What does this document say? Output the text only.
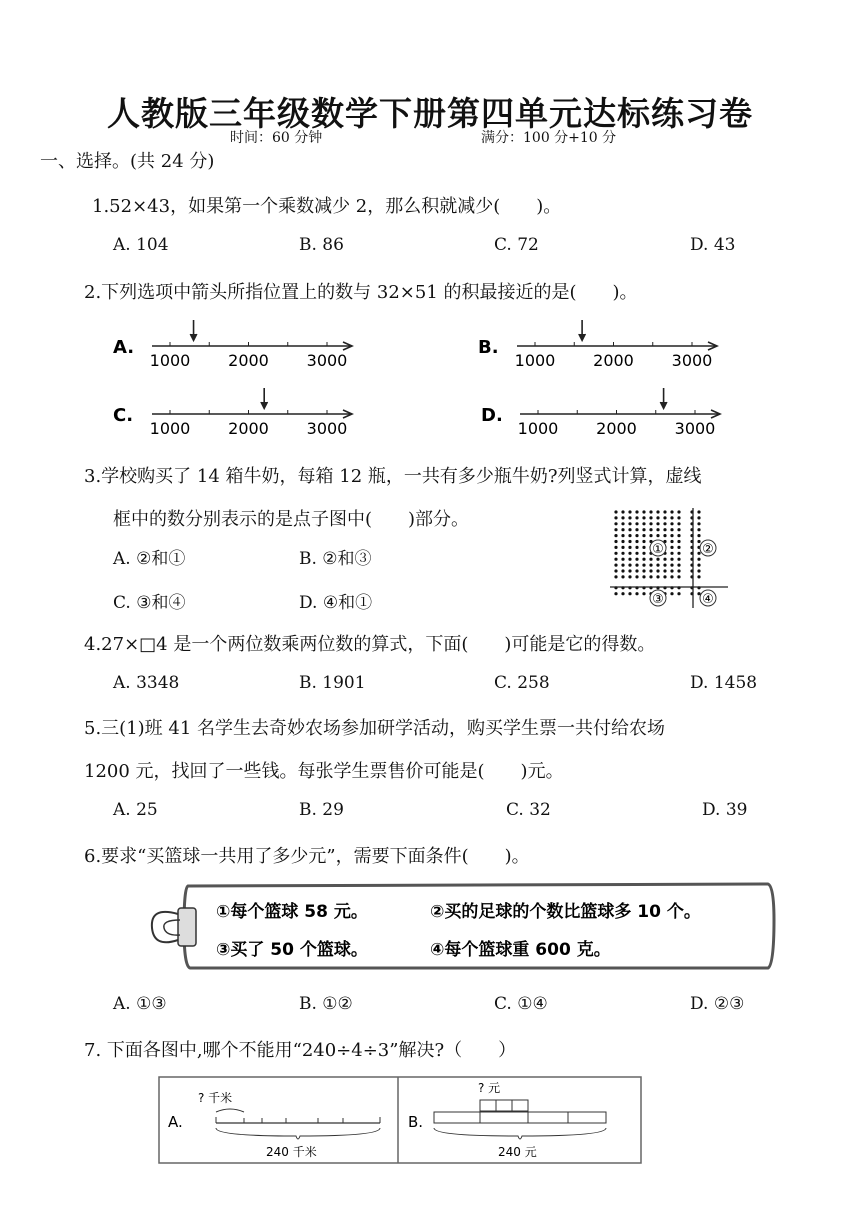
人教版三年级数学下册第四单元达标练习卷
时间：60 分钟	满分：100 分+10 分
一、选择。(共 24 分)
1.52×43，如果第一个乘数减少 2，那么积就减少(　　)。
A. 104	B. 86	C. 72	D. 43
2.下列选项中箭头所指位置上的数与 32×51 的积最接近的是(　　)。
A.
1000 2000 3000
B.
1000 2000 3000
C.
1000 2000 3000
D.
1000 2000 3000
3.学校购买了 14 箱牛奶，每箱 12 瓶，一共有多少瓶牛奶?列竖式计算，虚线
框中的数分别表示的是点子图中(　　)部分。
A. ②和①	B. ②和③
C. ③和④	D. ④和①
①	②
③	④
4.27×□4 是一个两位数乘两位数的算式，下面(　　)可能是它的得数。
A. 3348	B. 1901	C. 258	D. 1458
5.三(1)班 41 名学生去奇妙农场参加研学活动，购买学生票一共付给农场
1200 元，找回了一些钱。每张学生票售价可能是(　　)元。
A. 25	B. 29	C. 32	D. 39
6.要求“买篮球一共用了多少元”，需要下面条件(　　)。
①每个篮球 58 元。	②买的足球的个数比篮球多 10 个。
③买了 50 个篮球。	④每个篮球重 600 克。
A. ①③	B. ①②	C. ①④	D. ②③
7. 下面各图中,哪个不能用“240÷4÷3”解决?（　　）
A.
? 千米
240 千米
B.
? 元
240 元
